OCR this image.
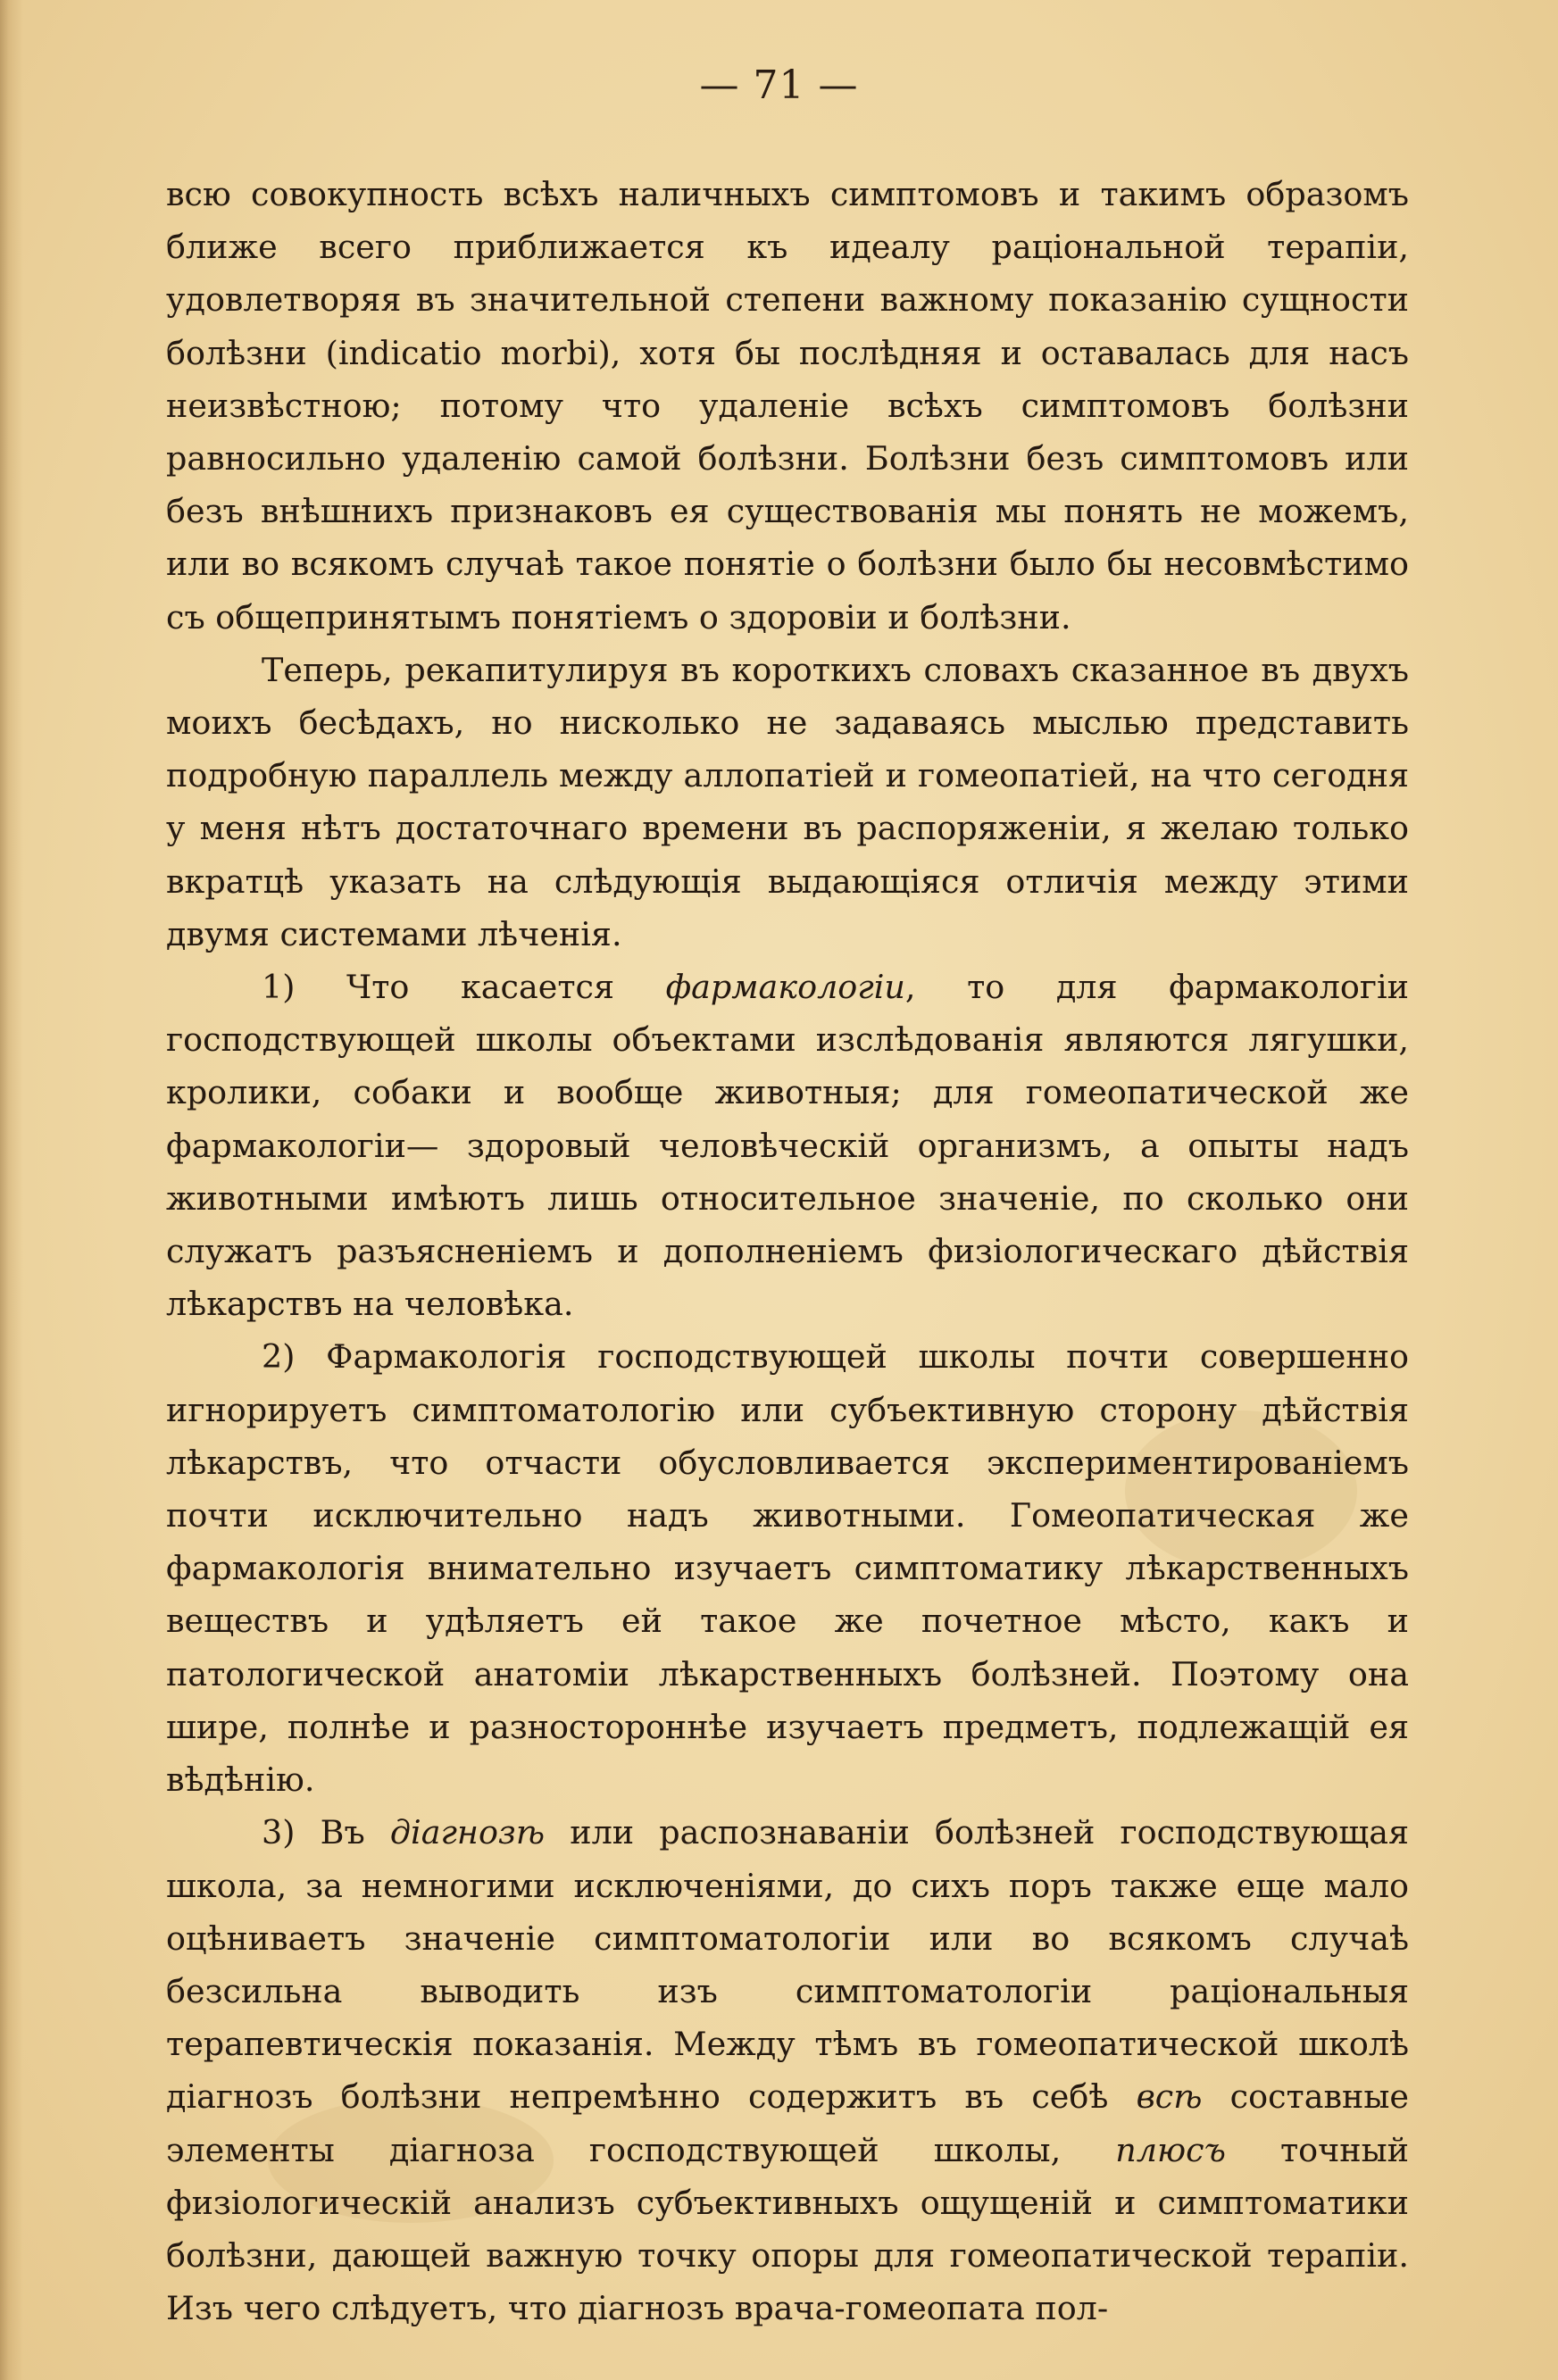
— 71 —

всю совокупность всѣхъ наличныхъ симптомовъ и такимъ образомъ ближе всего приближается къ идеалу раціональной терапіи, удовлетворяя въ значительной степени важному показанію сущности болѣзни (indicatio morbi), хотя бы послѣдняя и оставалась для насъ неизвѣстною; потому что удаленіе всѣхъ симптомовъ болѣзни равносильно удаленію самой болѣзни. Болѣзни безъ симптомовъ или безъ внѣшнихъ признаковъ ея существованія мы понять не можемъ, или во всякомъ случаѣ такое понятіе о болѣзни было бы несовмѣстимо съ общепринятымъ понятіемъ о здоровіи и болѣзни.

Теперь, рекапитулируя въ короткихъ словахъ сказанное въ двухъ моихъ бесѣдахъ, но нисколько не задаваясь мыслью представить подробную параллель между аллопатіей и гомеопатіей, на что сегодня у меня нѣтъ достаточнаго времени въ распоряженіи, я желаю только вкратцѣ указать на слѣдующія выдающіяся отличія между этими двумя системами лѣченія.

1) Что касается фармакологіи, то для фармакологіи господствующей школы объектами изслѣдованія являются лягушки, кролики, собаки и вообще животныя; для гомеопатической же фармакологіи— здоровый человѣческій организмъ, а опыты надъ животными имѣютъ лишь относительное значеніе, по сколько они служатъ разъясненіемъ и дополненіемъ физіологическаго дѣйствія лѣкарствъ на человѣка.

2) Фармакологія господствующей школы почти совершенно игнорируетъ симптоматологію или субъективную сторону дѣйствія лѣкарствъ, что отчасти обусловливается экспериментированіемъ почти исключительно надъ животными. Гомеопатическая же фармакологія внимательно изучаетъ симптоматику лѣкарственныхъ веществъ и удѣляетъ ей такое же почетное мѣсто, какъ и патологической анатоміи лѣкарственныхъ болѣзней. Поэтому она шире, полнѣе и разностороннѣе изучаетъ предметъ, подлежащій ея вѣдѣнію.

3) Въ діагнозѣ или распознаваніи болѣзней господствующая школа, за немногими исключеніями, до сихъ поръ также еще мало оцѣниваетъ значеніе симптоматологіи или во всякомъ случаѣ безсильна выводить изъ симптоматологіи раціональныя терапевтическія показанія. Между тѣмъ въ гомеопатической школѣ діагнозъ болѣзни непремѣнно содержитъ въ себѣ всѣ составные элементы діагноза господствующей школы, плюсъ точный физіологическій анализъ субъективныхъ ощущеній и симптоматики болѣзни, дающей важную точку опоры для гомеопатической терапіи. Изъ чего слѣдуетъ, что діагнозъ врача-гомеопата пол-
